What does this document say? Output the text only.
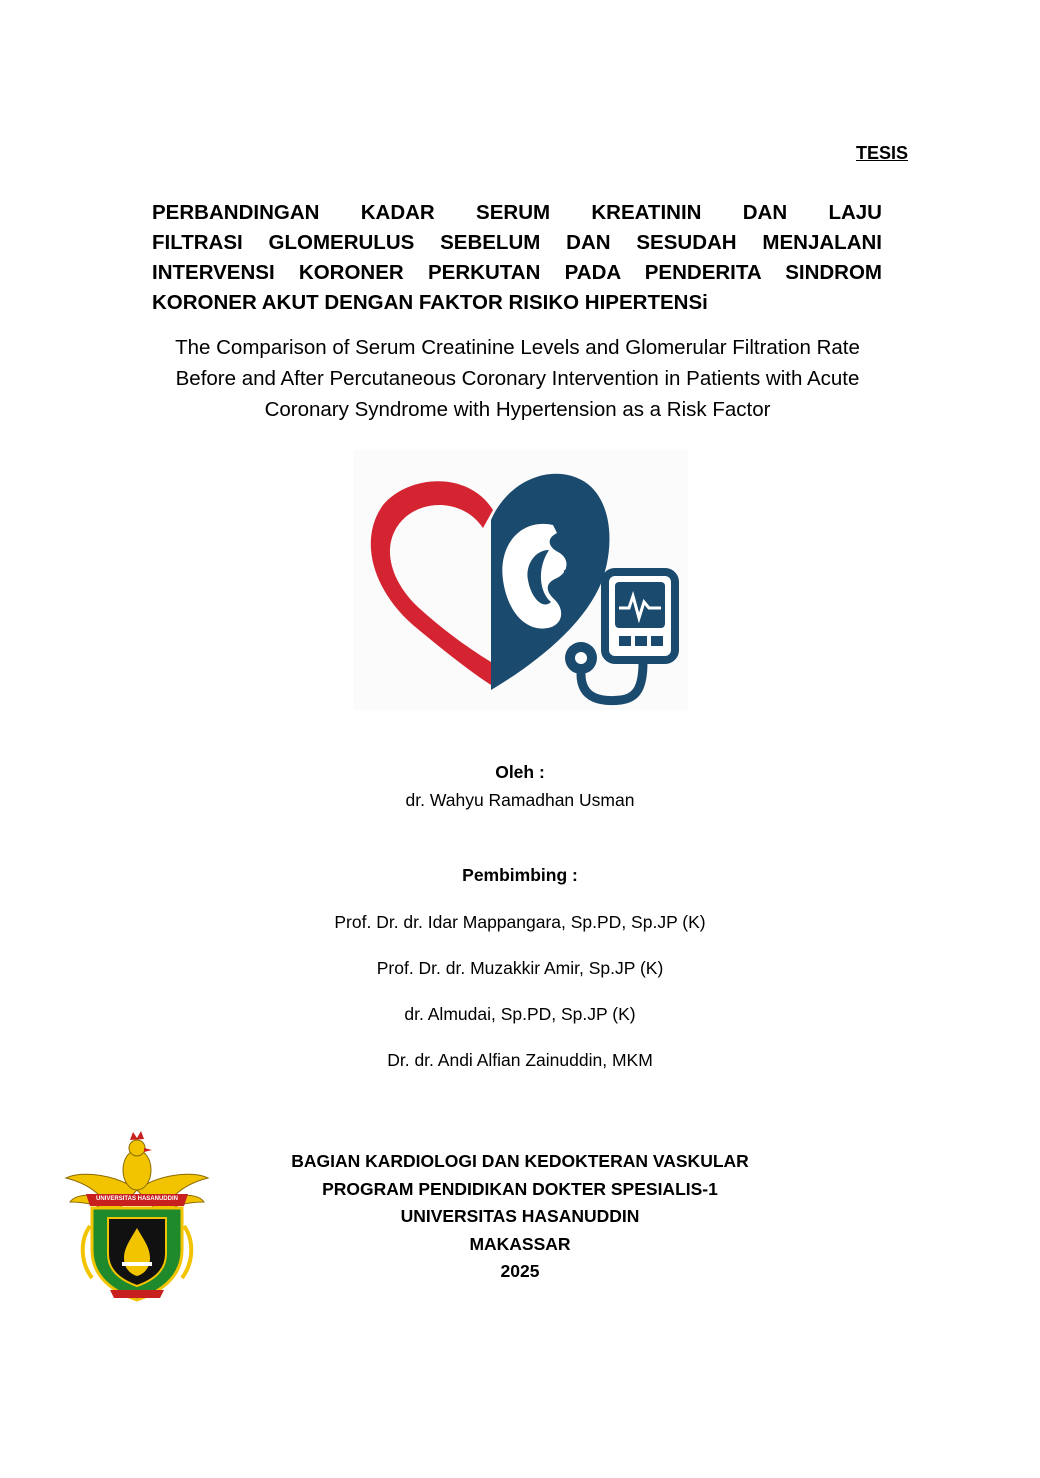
TESIS
PERBANDINGAN KADAR SERUM KREATININ DAN LAJU
FILTRASI GLOMERULUS SEBELUM DAN SESUDAH MENJALANI
INTERVENSI KORONER PERKUTAN PADA PENDERITA SINDROM
KORONER AKUT DENGAN FAKTOR RISIKO HIPERTENSi
The Comparison of Serum Creatinine Levels and Glomerular Filtration Rate
Before and After Percutaneous Coronary Intervention in Patients with Acute
Coronary Syndrome with Hypertension as a Risk Factor
Oleh :
dr. Wahyu Ramadhan Usman
Pembimbing :
Prof. Dr. dr. Idar Mappangara, Sp.PD, Sp.JP (K)
Prof. Dr. dr. Muzakkir Amir, Sp.JP (K)
dr. Almudai, Sp.PD, Sp.JP (K)
Dr. dr. Andi Alfian Zainuddin, MKM
UNIVERSITAS HASANUDDIN
BAGIAN KARDIOLOGI DAN KEDOKTERAN VASKULAR
PROGRAM PENDIDIKAN DOKTER SPESIALIS-1
UNIVERSITAS HASANUDDIN
MAKASSAR
2025
